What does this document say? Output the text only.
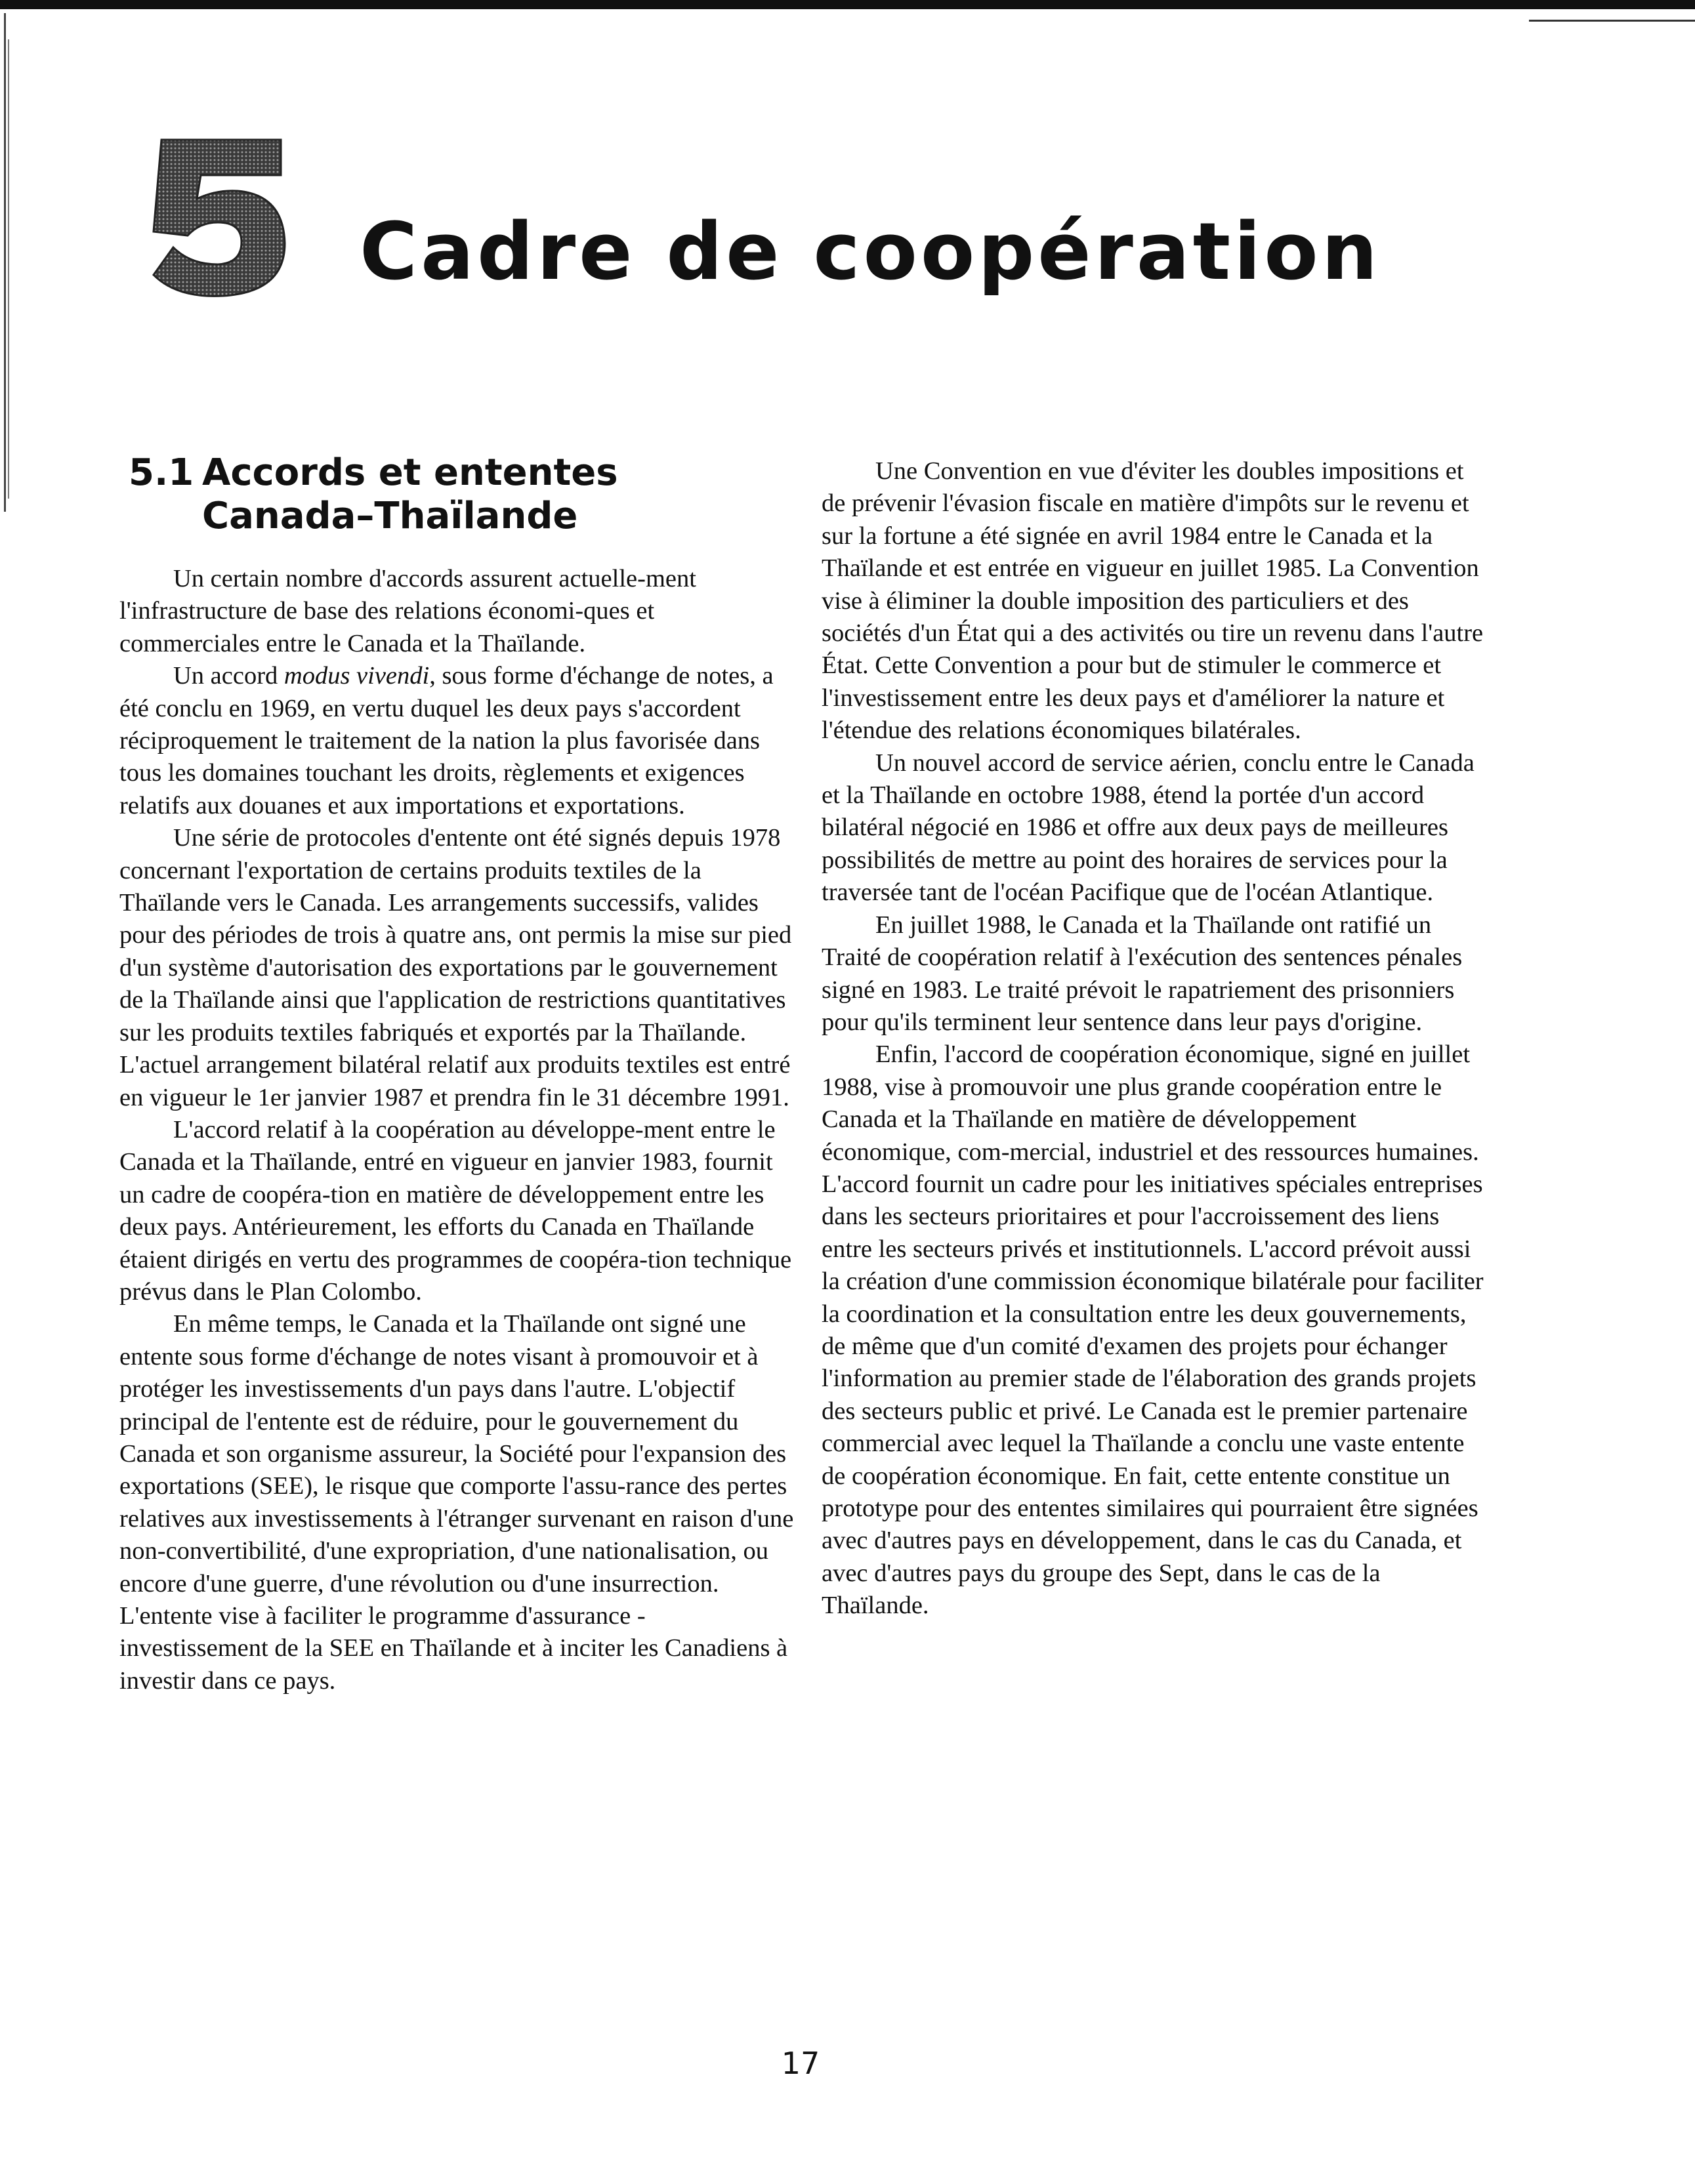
Cadre de coopération
5.1 Accords et ententes
Canada–Thaïlande

Un certain nombre d'accords assurent actuelle-ment l'infrastructure de base des relations économi-ques et commerciales entre le Canada et la Thaïlande.

Un accord modus vivendi, sous forme d'échange de notes, a été conclu en 1969, en vertu duquel les deux pays s'accordent réciproquement le traitement de la nation la plus favorisée dans tous les domaines touchant les droits, règlements et exigences relatifs aux douanes et aux importations et exportations.

Une série de protocoles d'entente ont été signés depuis 1978 concernant l'exportation de certains produits textiles de la Thaïlande vers le Canada. Les arrangements successifs, valides pour des périodes de trois à quatre ans, ont permis la mise sur pied d'un système d'autorisation des exportations par le gouvernement de la Thaïlande ainsi que l'application de restrictions quantitatives sur les produits textiles fabriqués et exportés par la Thaïlande. L'actuel arrangement bilatéral relatif aux produits textiles est entré en vigueur le 1er janvier 1987 et prendra fin le 31 décembre 1991.

L'accord relatif à la coopération au développe-ment entre le Canada et la Thaïlande, entré en vigueur en janvier 1983, fournit un cadre de coopéra-tion en matière de développement entre les deux pays. Antérieurement, les efforts du Canada en Thaïlande étaient dirigés en vertu des programmes de coopéra-tion technique prévus dans le Plan Colombo.

En même temps, le Canada et la Thaïlande ont signé une entente sous forme d'échange de notes visant à promouvoir et à protéger les investissements d'un pays dans l'autre. L'objectif principal de l'entente est de réduire, pour le gouvernement du Canada et son organisme assureur, la Société pour l'expansion des exportations (SEE), le risque que comporte l'assu-rance des pertes relatives aux investissements à l'étranger survenant en raison d'une non-convertibilité, d'une expropriation, d'une nationalisation, ou encore d'une guerre, d'une révolution ou d'une insurrection. L'entente vise à faciliter le programme d'assurance - investissement de la SEE en Thaïlande et à inciter les Canadiens à investir dans ce pays.

Une Convention en vue d'éviter les doubles impositions et de prévenir l'évasion fiscale en matière d'impôts sur le revenu et sur la fortune a été signée en avril 1984 entre le Canada et la Thaïlande et est entrée en vigueur en juillet 1985. La Convention vise à éliminer la double imposition des particuliers et des sociétés d'un État qui a des activités ou tire un revenu dans l'autre État. Cette Convention a pour but de stimuler le commerce et l'investissement entre les deux pays et d'améliorer la nature et l'étendue des relations économiques bilatérales.

Un nouvel accord de service aérien, conclu entre le Canada et la Thaïlande en octobre 1988, étend la portée d'un accord bilatéral négocié en 1986 et offre aux deux pays de meilleures possibilités de mettre au point des horaires de services pour la traversée tant de l'océan Pacifique que de l'océan Atlantique.

En juillet 1988, le Canada et la Thaïlande ont ratifié un Traité de coopération relatif à l'exécution des sentences pénales signé en 1983. Le traité prévoit le rapatriement des prisonniers pour qu'ils terminent leur sentence dans leur pays d'origine.

Enfin, l'accord de coopération économique, signé en juillet 1988, vise à promouvoir une plus grande coopération entre le Canada et la Thaïlande en matière de développement économique, com-mercial, industriel et des ressources humaines. L'accord fournit un cadre pour les initiatives spéciales entreprises dans les secteurs prioritaires et pour l'accroissement des liens entre les secteurs privés et institutionnels. L'accord prévoit aussi la création d'une commission économique bilatérale pour faciliter la coordination et la consultation entre les deux gouvernements, de même que d'un comité d'examen des projets pour échanger l'information au premier stade de l'élaboration des grands projets des secteurs public et privé. Le Canada est le premier partenaire commercial avec lequel la Thaïlande a conclu une vaste entente de coopération économique. En fait, cette entente constitue un prototype pour des ententes similaires qui pourraient être signées avec d'autres pays en développement, dans le cas du Canada, et avec d'autres pays du groupe des Sept, dans le cas de la Thaïlande.

17
